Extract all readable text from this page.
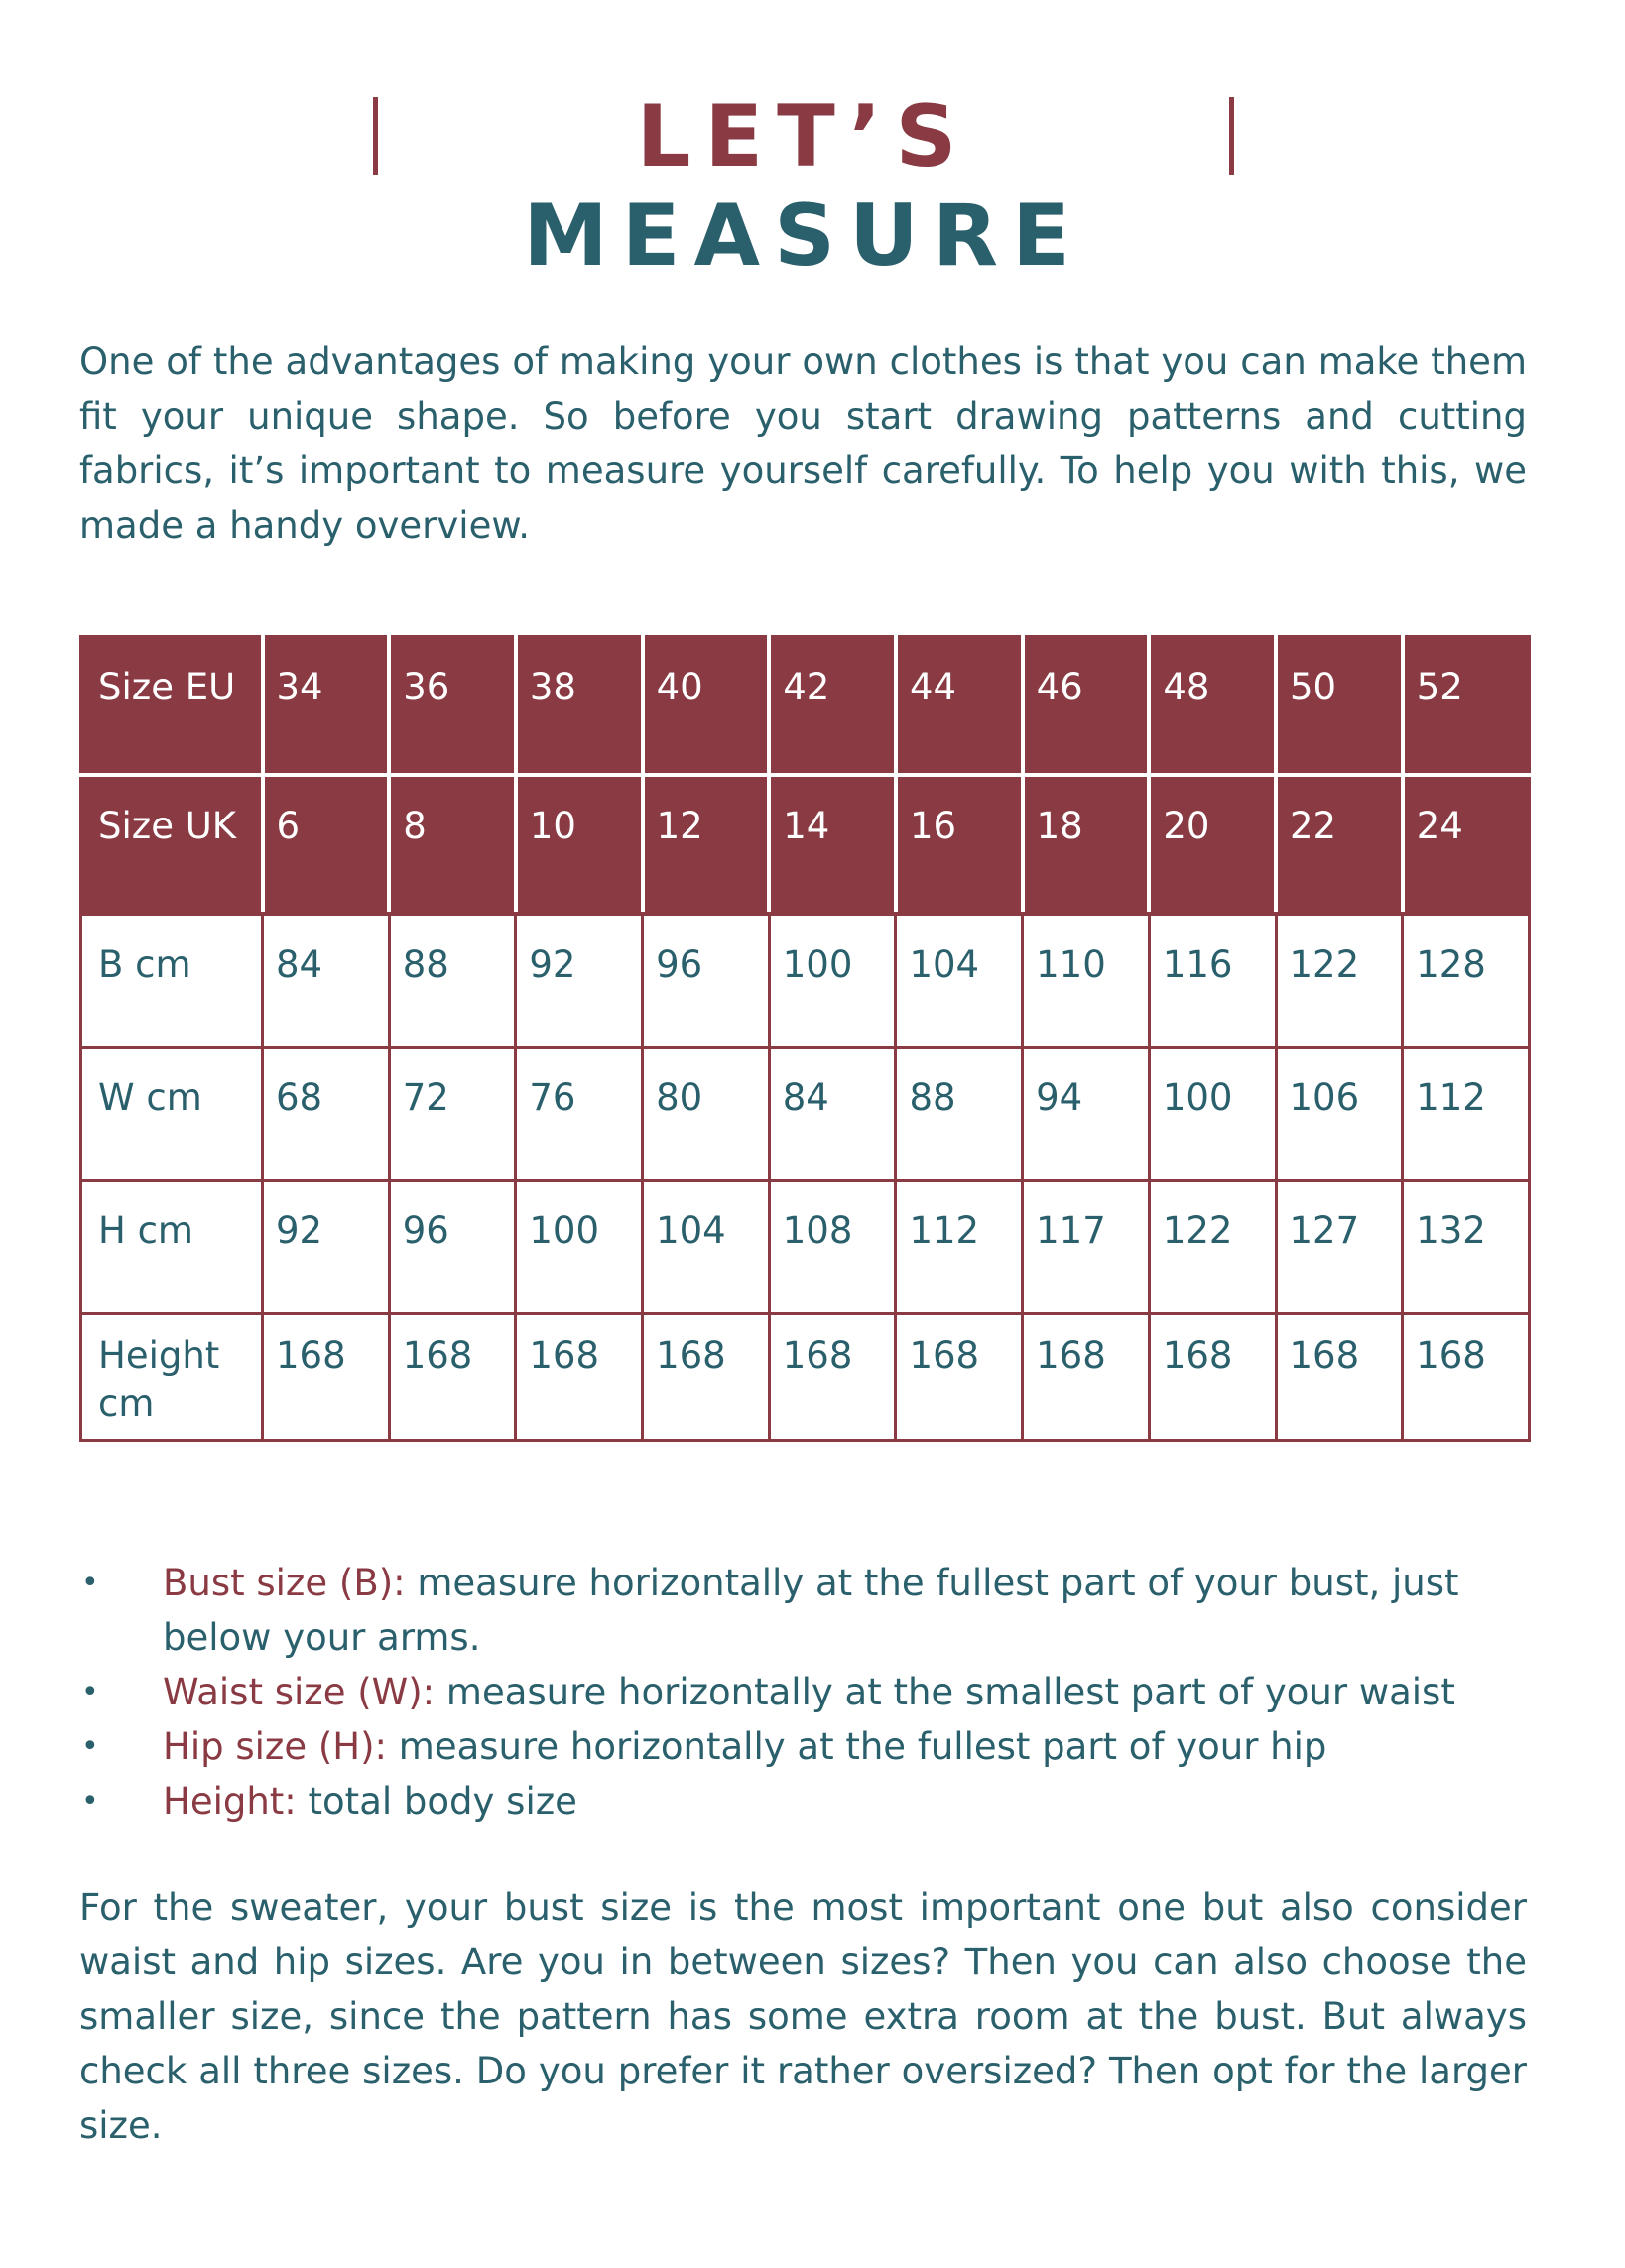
LET’S MEASURE

One of the advantages of making your own clothes is that you can make them fit your unique shape. So before you start drawing patterns and cutting fabrics, it’s important to measure yourself carefully. To help you with this, we made a handy overview.

Size EU	34	36	38	40	42	44	46	48	50	52
Size UK	6	8	10	12	14	16	18	20	22	24
B cm	84	88	92	96	100	104	110	116	122	128
W cm	68	72	76	80	84	88	94	100	106	112
H cm	92	96	100	104	108	112	117	122	127	132
Height cm	168	168	168	168	168	168	168	168	168	168
• Bust size (B): measure horizontally at the fullest part of your bust, just below your arms.
• Waist size (W): measure horizontally at the smallest part of your waist
• Hip size (H): measure horizontally at the fullest part of your hip
• Height: total body size

For the sweater, your bust size is the most important one but also consider waist and hip sizes. Are you in between sizes? Then you can also choose the smaller size, since the pattern has some extra room at the bust. But always check all three sizes. Do you prefer it rather oversized? Then opt for the larger size.
